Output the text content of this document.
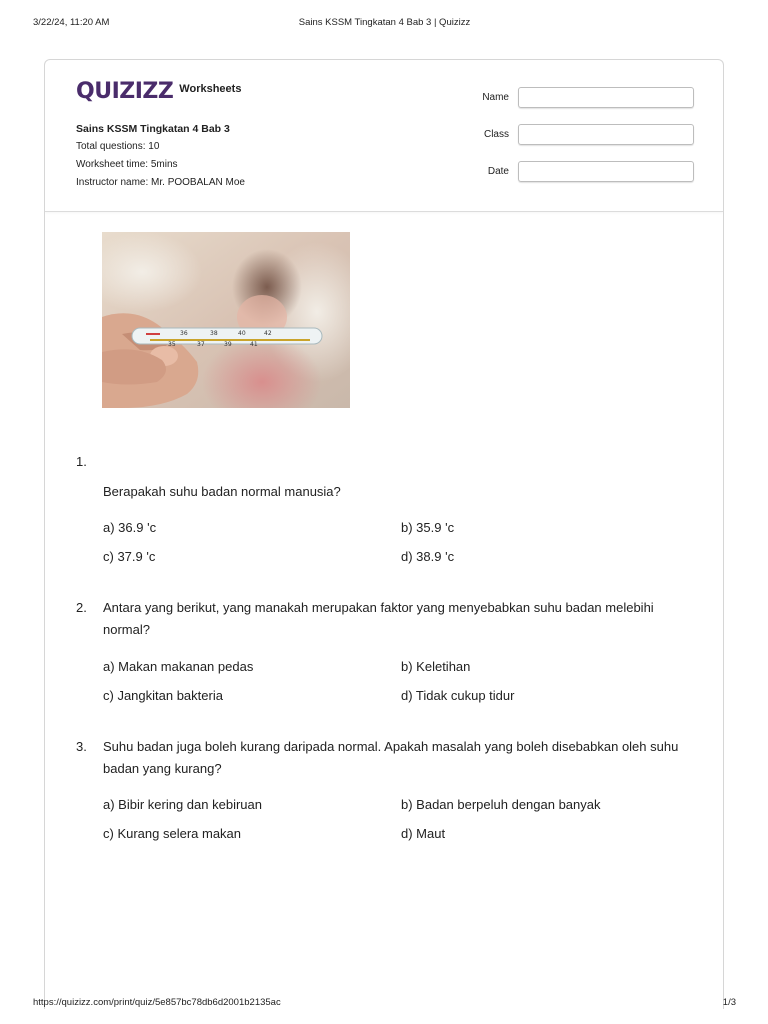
3/22/24, 11:20 AM	Sains KSSM Tingkatan 4 Bab 3 | Quizizz
QUIZIZZ Worksheets
Sains KSSM Tingkatan 4 Bab 3
Total questions: 10
Worksheet time: 5mins
Instructor name: Mr. POOBALAN Moe
Name
Class
Date
36	38	40	42
35	37	39	41
1.
Berapakah suhu badan normal manusia?
a) 36.9 'c	b) 35.9 'c
c) 37.9 'c	d) 38.9 'c
2. Antara yang berikut, yang manakah merupakan faktor yang menyebabkan suhu badan melebihi normal?
a) Makan makanan pedas	b) Keletihan
c) Jangkitan bakteria	d) Tidak cukup tidur
3. Suhu badan juga boleh kurang daripada normal. Apakah masalah yang boleh disebabkan oleh suhu badan yang kurang?
a) Bibir kering dan kebiruan	b) Badan berpeluh dengan banyak
c) Kurang selera makan	d) Maut
https://quizizz.com/print/quiz/5e857bc78db6d2001b2135ac	1/3
